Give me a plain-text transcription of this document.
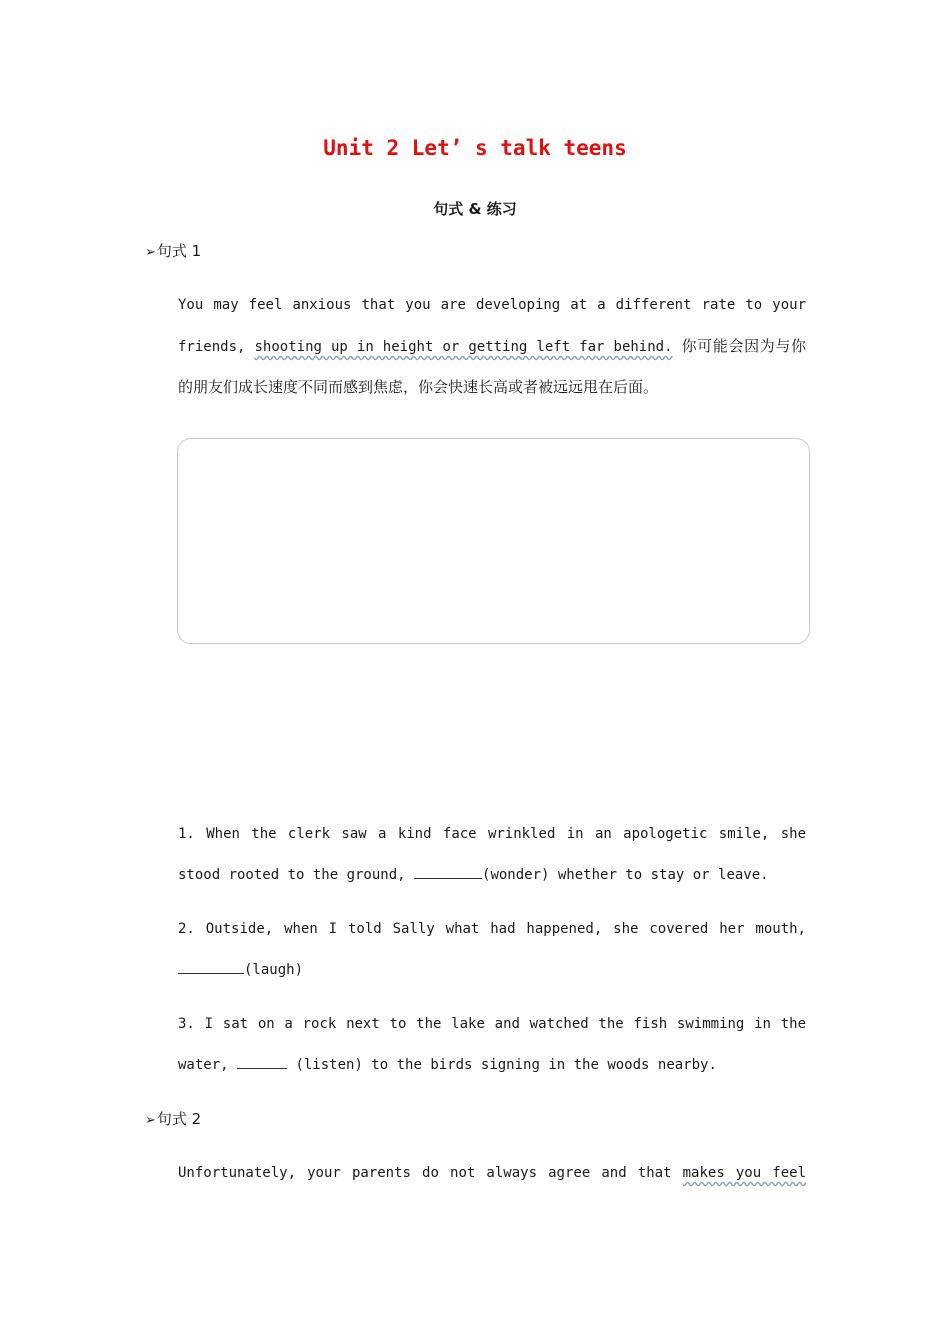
Unit 2 Let’ s talk teens
句式 & 练习

➢句式 1

You may feel anxious that you are developing at a different rate to your
friends, shooting up in height or getting left far behind. 你可能会因为与你
的朋友们成长速度不同而感到焦虑，你会快速长高或者被远远甩在后面。
1. When the clerk saw a kind face wrinkled in an apologetic smile, she
stood rooted to the ground,	(wonder) whether to stay or leave.
2. Outside, when I told Sally what had happened, she covered her mouth,
(laugh)
3. I sat on a rock next to the lake and watched the fish swimming in the
water,	(listen) to the birds signing in the woods nearby.

➢句式 2

Unfortunately, your parents do not always agree and that makes you feel
